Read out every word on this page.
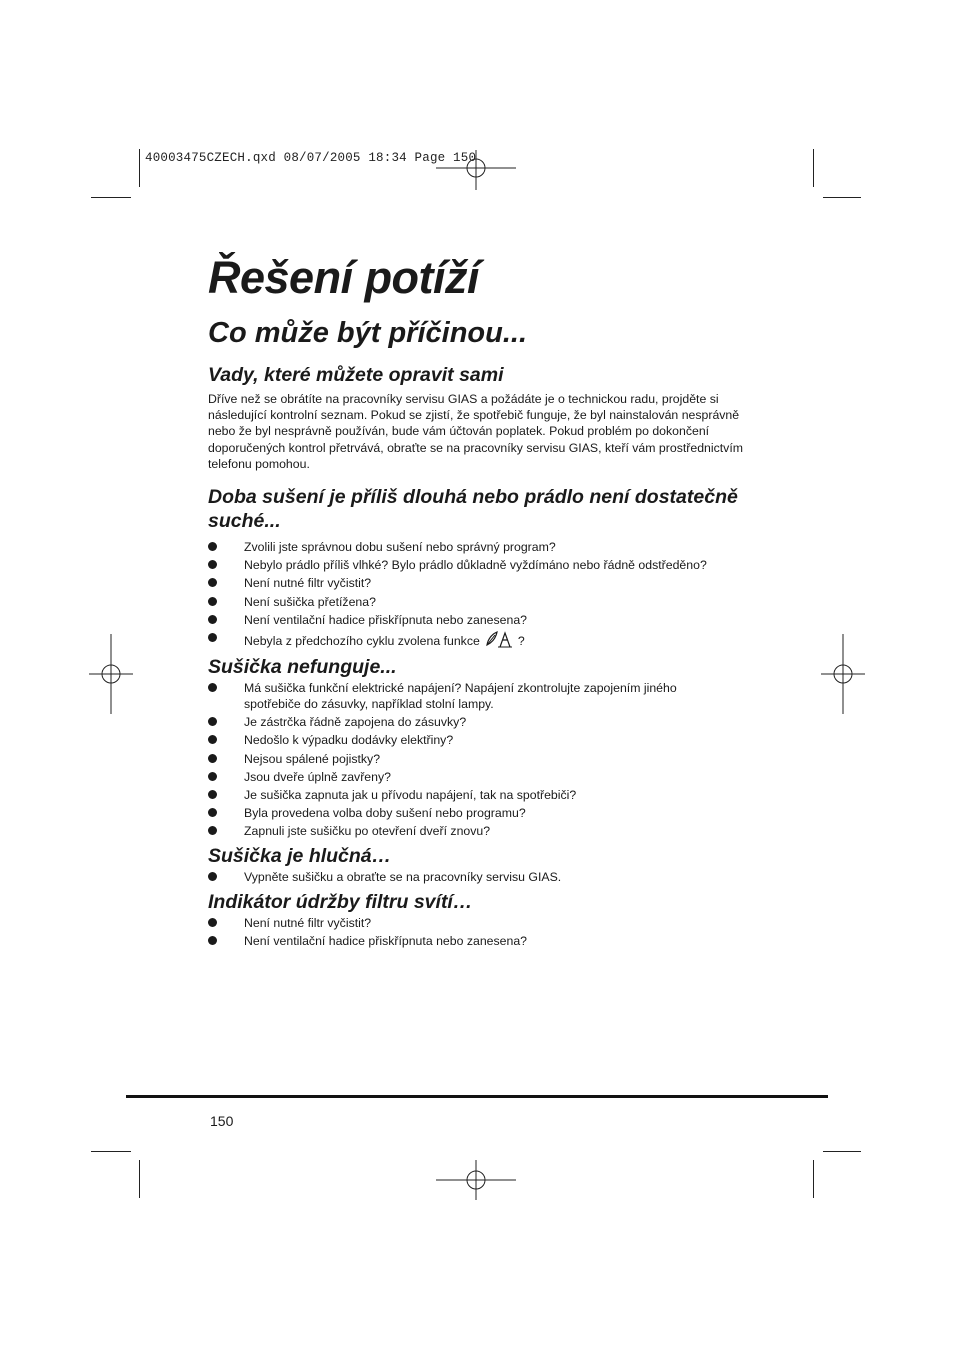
40003475CZECH.qxd 08/07/2005 18:34 Page 150
Řešení potíží
Co může být příčinou...
Vady, které můžete opravit sami

Dříve než se obrátíte na pracovníky servisu GIAS a požádáte je o technickou radu, projděte si následující kontrolní seznam. Pokud se zjistí, že spotřebič funguje, že byl nainstalován nesprávně nebo že byl nesprávně používán, bude vám účtován poplatek. Pokud problém po dokončení doporučených kontrol přetrvává, obraťte se na pracovníky servisu GIAS, kteří vám prostřednictvím telefonu pomohou.

Doba sušení je příliš dlouhá nebo prádlo není dostatečně suché...
Zvolili jste správnou dobu sušení nebo správný program?
Nebylo prádlo příliš vlhké? Bylo prádlo důkladně vyždímáno nebo řádně odstředěno?
Není nutné filtr vyčistit?
Není sušička přetížena?
Není ventilační hadice přiskřípnuta nebo zanesena?
Nebyla z předchozího cyklu zvolena funkce	?
Sušička nefunguje...
Má sušička funkční elektrické napájení? Napájení zkontrolujte zapojením jiného spotřebiče do zásuvky, například stolní lampy.
Je zástrčka řádně zapojena do zásuvky?
Nedošlo k výpadku dodávky elektřiny?
Nejsou spálené pojistky?
Jsou dveře úplně zavřeny?
Je sušička zapnuta jak u přívodu napájení, tak na spotřebiči?
Byla provedena volba doby sušení nebo programu?
Zapnuli jste sušičku po otevření dveří znovu?
Sušička je hlučná…
Vypněte sušičku a obraťte se na pracovníky servisu GIAS.
Indikátor údržby filtru svítí…
Není nutné filtr vyčistit?
Není ventilační hadice přiskřípnuta nebo zanesena?
150
